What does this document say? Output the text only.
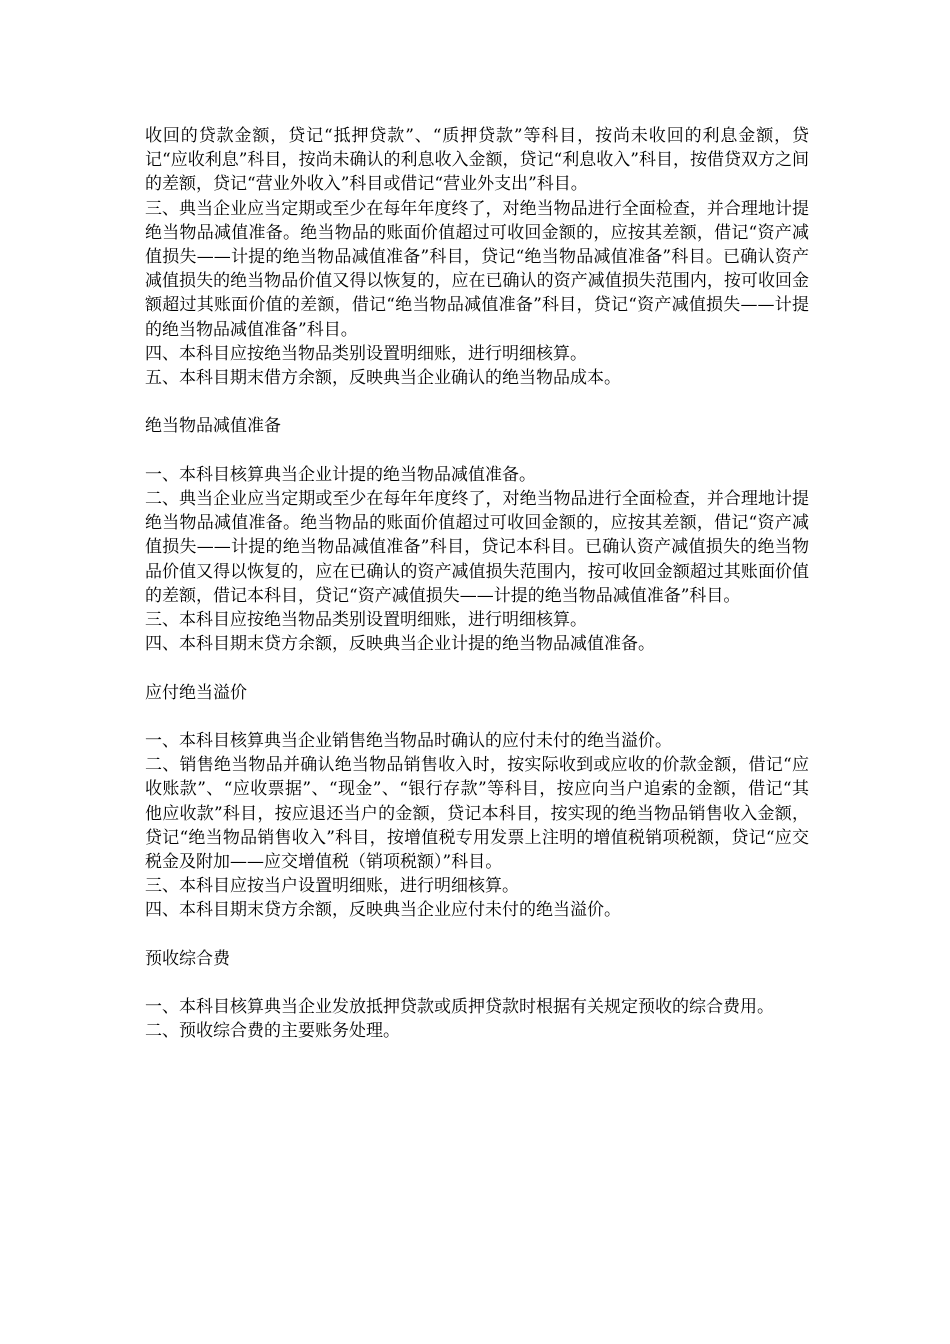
收回的贷款金额，贷记“抵押贷款”、“质押贷款”等科目，按尚未收回的利息金额，贷记“应收利息”科目，按尚未确认的利息收入金额，贷记“利息收入”科目，按借贷双方之间的差额，贷记“营业外收入”科目或借记“营业外支出”科目。

三、典当企业应当定期或至少在每年年度终了，对绝当物品进行全面检查，并合理地计提绝当物品减值准备。绝当物品的账面价值超过可收回金额的，应按其差额，借记“资产减值损失——计提的绝当物品减值准备”科目，贷记“绝当物品减值准备”科目。已确认资产减值损失的绝当物品价值又得以恢复的，应在已确认的资产减值损失范围内，按可收回金额超过其账面价值的差额，借记“绝当物品减值准备”科目，贷记“资产减值损失——计提的绝当物品减值准备”科目。

四、本科目应按绝当物品类别设置明细账，进行明细核算。

五、本科目期末借方余额，反映典当企业确认的绝当物品成本。

绝当物品减值准备

一、本科目核算典当企业计提的绝当物品减值准备。

二、典当企业应当定期或至少在每年年度终了，对绝当物品进行全面检查，并合理地计提绝当物品减值准备。绝当物品的账面价值超过可收回金额的，应按其差额，借记“资产减值损失——计提的绝当物品减值准备”科目，贷记本科目。已确认资产减值损失的绝当物品价值又得以恢复的，应在已确认的资产减值损失范围内，按可收回金额超过其账面价值的差额，借记本科目，贷记“资产减值损失——计提的绝当物品减值准备”科目。

三、本科目应按绝当物品类别设置明细账，进行明细核算。

四、本科目期末贷方余额，反映典当企业计提的绝当物品减值准备。

应付绝当溢价

一、本科目核算典当企业销售绝当物品时确认的应付未付的绝当溢价。

二、销售绝当物品并确认绝当物品销售收入时，按实际收到或应收的价款金额，借记“应收账款”、“应收票据”、“现金”、“银行存款”等科目，按应向当户追索的金额，借记“其他应收款”科目，按应退还当户的金额，贷记本科目，按实现的绝当物品销售收入金额，贷记“绝当物品销售收入”科目，按增值税专用发票上注明的增值税销项税额，贷记“应交税金及附加——应交增值税（销项税额）”科目。

三、本科目应按当户设置明细账，进行明细核算。

四、本科目期末贷方余额，反映典当企业应付未付的绝当溢价。

预收综合费

一、本科目核算典当企业发放抵押贷款或质押贷款时根据有关规定预收的综合费用。

二、预收综合费的主要账务处理。
